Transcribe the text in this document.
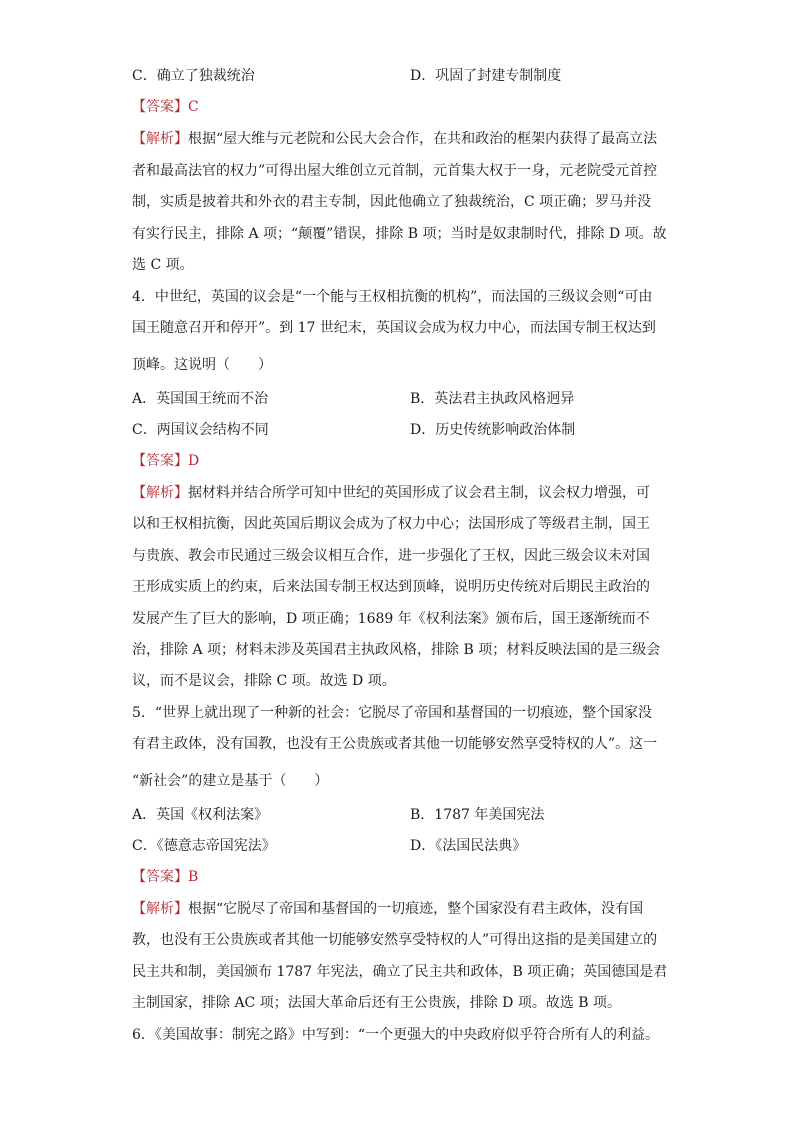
C．确立了独裁统治	D．巩固了封建专制制度
【答案】C
【解析】根据“屋大维与元老院和公民大会合作，在共和政治的框架内获得了最高立法
者和最高法官的权力”可得出屋大维创立元首制，元首集大权于一身，元老院受元首控
制，实质是披着共和外衣的君主专制，因此他确立了独裁统治，C 项正确；罗马并没
有实行民主，排除 A 项；“颠覆”错误，排除 B 项；当时是奴隶制时代，排除 D 项。故
选 C 项。
4．中世纪，英国的议会是“一个能与王权相抗衡的机构”，而法国的三级议会则“可由
国王随意召开和停开”。到 17 世纪末，英国议会成为权力中心，而法国专制王权达到
顶峰。这说明（　　）
A．英国国王统而不治	B．英法君主执政风格迥异
C．两国议会结构不同	D．历史传统影响政治体制
【答案】D
【解析】据材料并结合所学可知中世纪的英国形成了议会君主制，议会权力增强，可
以和王权相抗衡，因此英国后期议会成为了权力中心；法国形成了等级君主制，国王
与贵族、教会市民通过三级会议相互合作，进一步强化了王权，因此三级会议未对国
王形成实质上的约束，后来法国专制王权达到顶峰，说明历史传统对后期民主政治的
发展产生了巨大的影响，D 项正确；1689 年《权利法案》颁布后，国王逐渐统而不
治，排除 A 项；材料未涉及英国君主执政风格，排除 B 项；材料反映法国的是三级会
议，而不是议会，排除 C 项。故选 D 项。
5．“世界上就出现了一种新的社会：它脱尽了帝国和基督国的一切痕迹，整个国家没
有君主政体，没有国教，也没有王公贵族或者其他一切能够安然享受特权的人”。这一
“新社会”的建立是基于（　　）
A．英国《权利法案》	B．1787 年美国宪法
C．《德意志帝国宪法》	D．《法国民法典》
【答案】B
【解析】根据“它脱尽了帝国和基督国的一切痕迹，整个国家没有君主政体，没有国
教，也没有王公贵族或者其他一切能够安然享受特权的人”可得出这指的是美国建立的
民主共和制，美国颁布 1787 年宪法，确立了民主共和政体，B 项正确；英国德国是君
主制国家，排除 AC 项；法国大革命后还有王公贵族，排除 D 项。故选 B 项。
6．《美国故事：制宪之路》中写到：“一个更强大的中央政府似乎符合所有人的利益。
